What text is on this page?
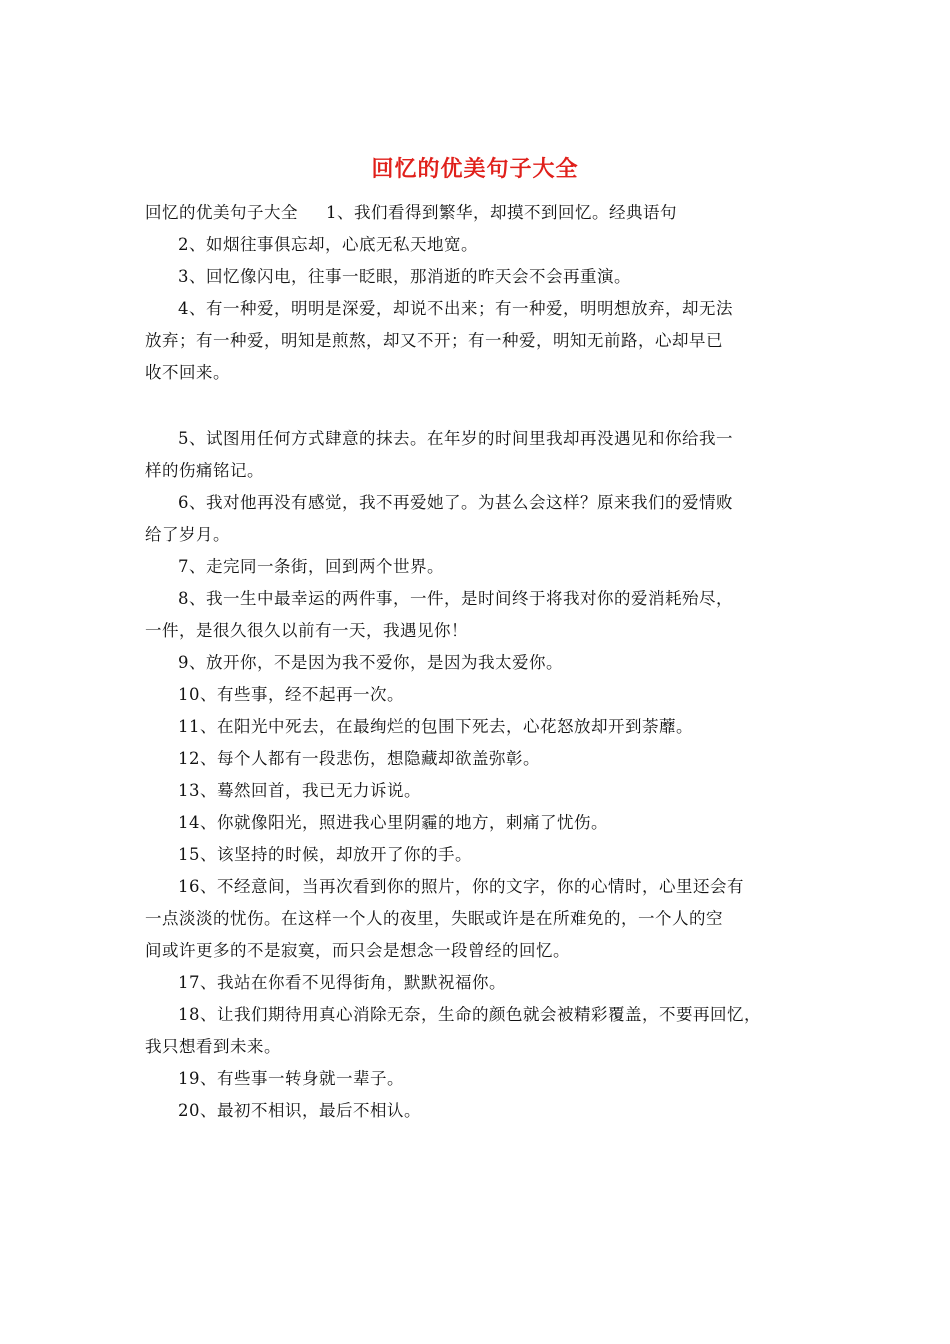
回忆的优美句子大全

回忆的优美句子大全 1、我们看得到繁华，却摸不到回忆。经典语句

2、如烟往事俱忘却，心底无私天地宽。

3、回忆像闪电，往事一眨眼，那消逝的昨天会不会再重演。

4、有一种爱，明明是深爱，却说不出来；有一种爱，明明想放弃，却无法
放弃；有一种爱，明知是煎熬，却又不开；有一种爱，明知无前路，心却早已
收不回来。

5、试图用任何方式肆意的抹去。在年岁的时间里我却再没遇见和你给我一
样的伤痛铭记。

6、我对他再没有感觉，我不再爱她了。为甚么会这样？原来我们的爱情败
给了岁月。

7、走完同一条街，回到两个世界。

8、我一生中最幸运的两件事，一件，是时间终于将我对你的爱消耗殆尽，
一件，是很久很久以前有一天，我遇见你！

9、放开你，不是因为我不爱你，是因为我太爱你。

10、有些事，经不起再一次。

11、在阳光中死去，在最绚烂的包围下死去，心花怒放却开到荼蘼。

12、每个人都有一段悲伤，想隐藏却欲盖弥彰。

13、蓦然回首，我已无力诉说。

14、你就像阳光，照进我心里阴霾的地方，刺痛了忧伤。

15、该坚持的时候，却放开了你的手。

16、不经意间，当再次看到你的照片，你的文字，你的心情时，心里还会有
一点淡淡的忧伤。在这样一个人的夜里，失眠或许是在所难免的，一个人的空
间或许更多的不是寂寞，而只会是想念一段曾经的回忆。

17、我站在你看不见得街角，默默祝福你。

18、让我们期待用真心消除无奈，生命的颜色就会被精彩覆盖，不要再回忆，
我只想看到未来。

19、有些事一转身就一辈子。

20、最初不相识，最后不相认。
